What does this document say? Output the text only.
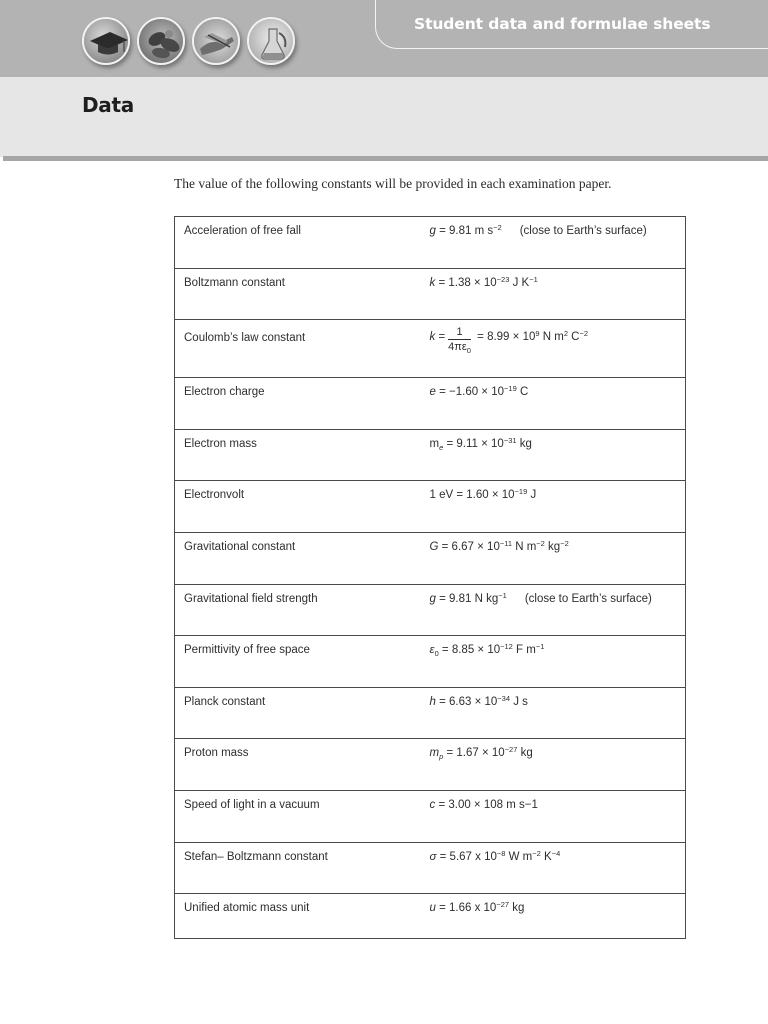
Student data and formulae sheets
Data
The value of the following constants will be provided in each examination paper.
Acceleration of free fall	g = 9.81 m $s^{-2}$ (close to Earth’s surface)
Boltzmann constant	$k = 1.38 \times 10^{-23}$ J $K^{-1}$
Coulomb’s law constant	$k = \frac{1}{4\pi\varepsilon_0} = 8.99 \times 10^9$ N $m^2$ $C^{-2}$
Electron charge	$e = -1.60 \times 10^{-19}$ C
Electron mass	$m_e = 9.11 \times 10^{-31}$ kg
Electronvolt	1 eV = $1.60 \times 10^{-19}$ J
Gravitational constant	$G = 6.67 \times 10^{-11}$ N $m^{-2}$ $kg^{-2}$
Gravitational field strength	g = 9.81 N $kg^{-1}$ (close to Earth’s surface)
Permittivity of free space	$\varepsilon_0 = 8.85 \times 10^{-12}$ F $m^{-1}$
Planck constant	$h = 6.63 \times 10^{-34}$ J s
Proton mass	$m_p = 1.67 \times 10^{-27}$ kg
Speed of light in a vacuum	c = 3.00 × 108 m s−1
Stefan– Boltzmann constant	σ = 5.67 x $10^{-8}$ W $m^{-2}$ $K^{-4}$
Unified atomic mass unit	u = 1.66 x $10^{-27}$ kg
